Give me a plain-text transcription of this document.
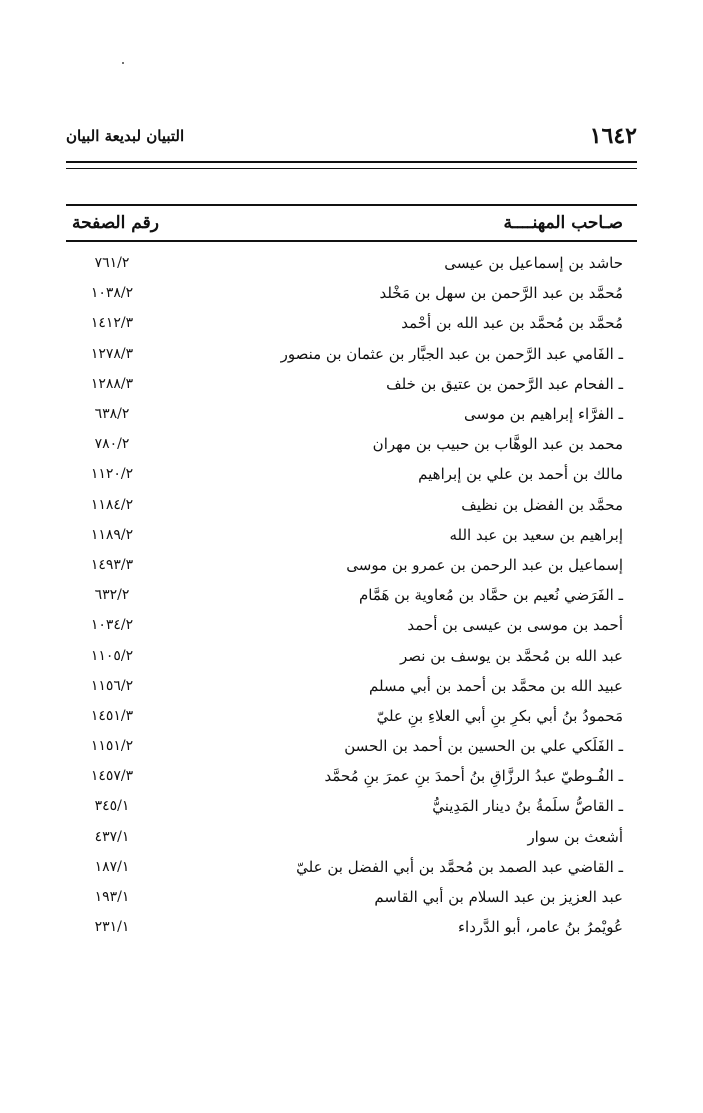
التبيان لبديعة البيان	١٦٤٢
صـاحب المهنــــة
رقم الصفحة
حاشد بن إسماعيل بن عيسى
٧٦١/٢
مُحمَّد بن عبد الرَّحمن بن سهل بن مَخْلد
١٠٣٨/٢
مُحمَّد بن مُحمَّد بن عبد الله بن أحْمد
١٤١٢/٣
ـ الفَامي عبد الرَّحمن بن عبد الجبَّار بن عثمان بن منصور
١٢٧٨/٣
ـ الفحام عبد الرَّحمن بن عتيق بن خلف
١٢٨٨/٣
ـ الفرَّاء إبراهيم بن موسى
٦٣٨/٢
محمد بن عبد الوهَّاب بن حبيب بن مهران
٧٨٠/٢
مالك بن أحمد بن علي بن إبراهيم
١١٢٠/٢
محمَّد بن الفضل بن نظيف
١١٨٤/٢
إبراهيم بن سعيد بن عبد الله
١١٨٩/٢
إسماعيل بن عبد الرحمن بن عمرو بن موسى
١٤٩٣/٣
ـ الفَرَضي نُعيم بن حمَّاد بن مُعاوية بن هَمَّام
٦٣٢/٢
أحمد بن موسى بن عيسى بن أحمد
١٠٣٤/٢
عبد الله بن مُحمَّد بن يوسف بن نصر
١١٠٥/٢
عبيد الله بن محمَّد بن أحمد بن أبي مسلم
١١٥٦/٢
مَحمودُ بنُ أبي بكرِ بنِ أبي العلاءِ بنِ عليّ
١٤٥١/٣
ـ الفَلَكي علي بن الحسين بن أحمد بن الحسن
١١٥١/٢
ـ الفُـوطيّ عبدُ الرزَّاقِ بنُ أحمدَ بنِ عمرَ بنِ مُحمَّد
١٤٥٧/٣
ـ القاصُّ سلَمةُ بنُ دينار المَدِينيُّ
٣٤٥/١
أشعث بن سوار
٤٣٧/١
ـ القاضي عبد الصمد بن مُحمَّد بن أبي الفضل بن عليّ
١٨٧/١
عبد العزيز بن عبد السلام بن أبي القاسم
١٩٣/١
عُويْمرُ بنُ عامر، أبو الدَّرداء
٢٣١/١
